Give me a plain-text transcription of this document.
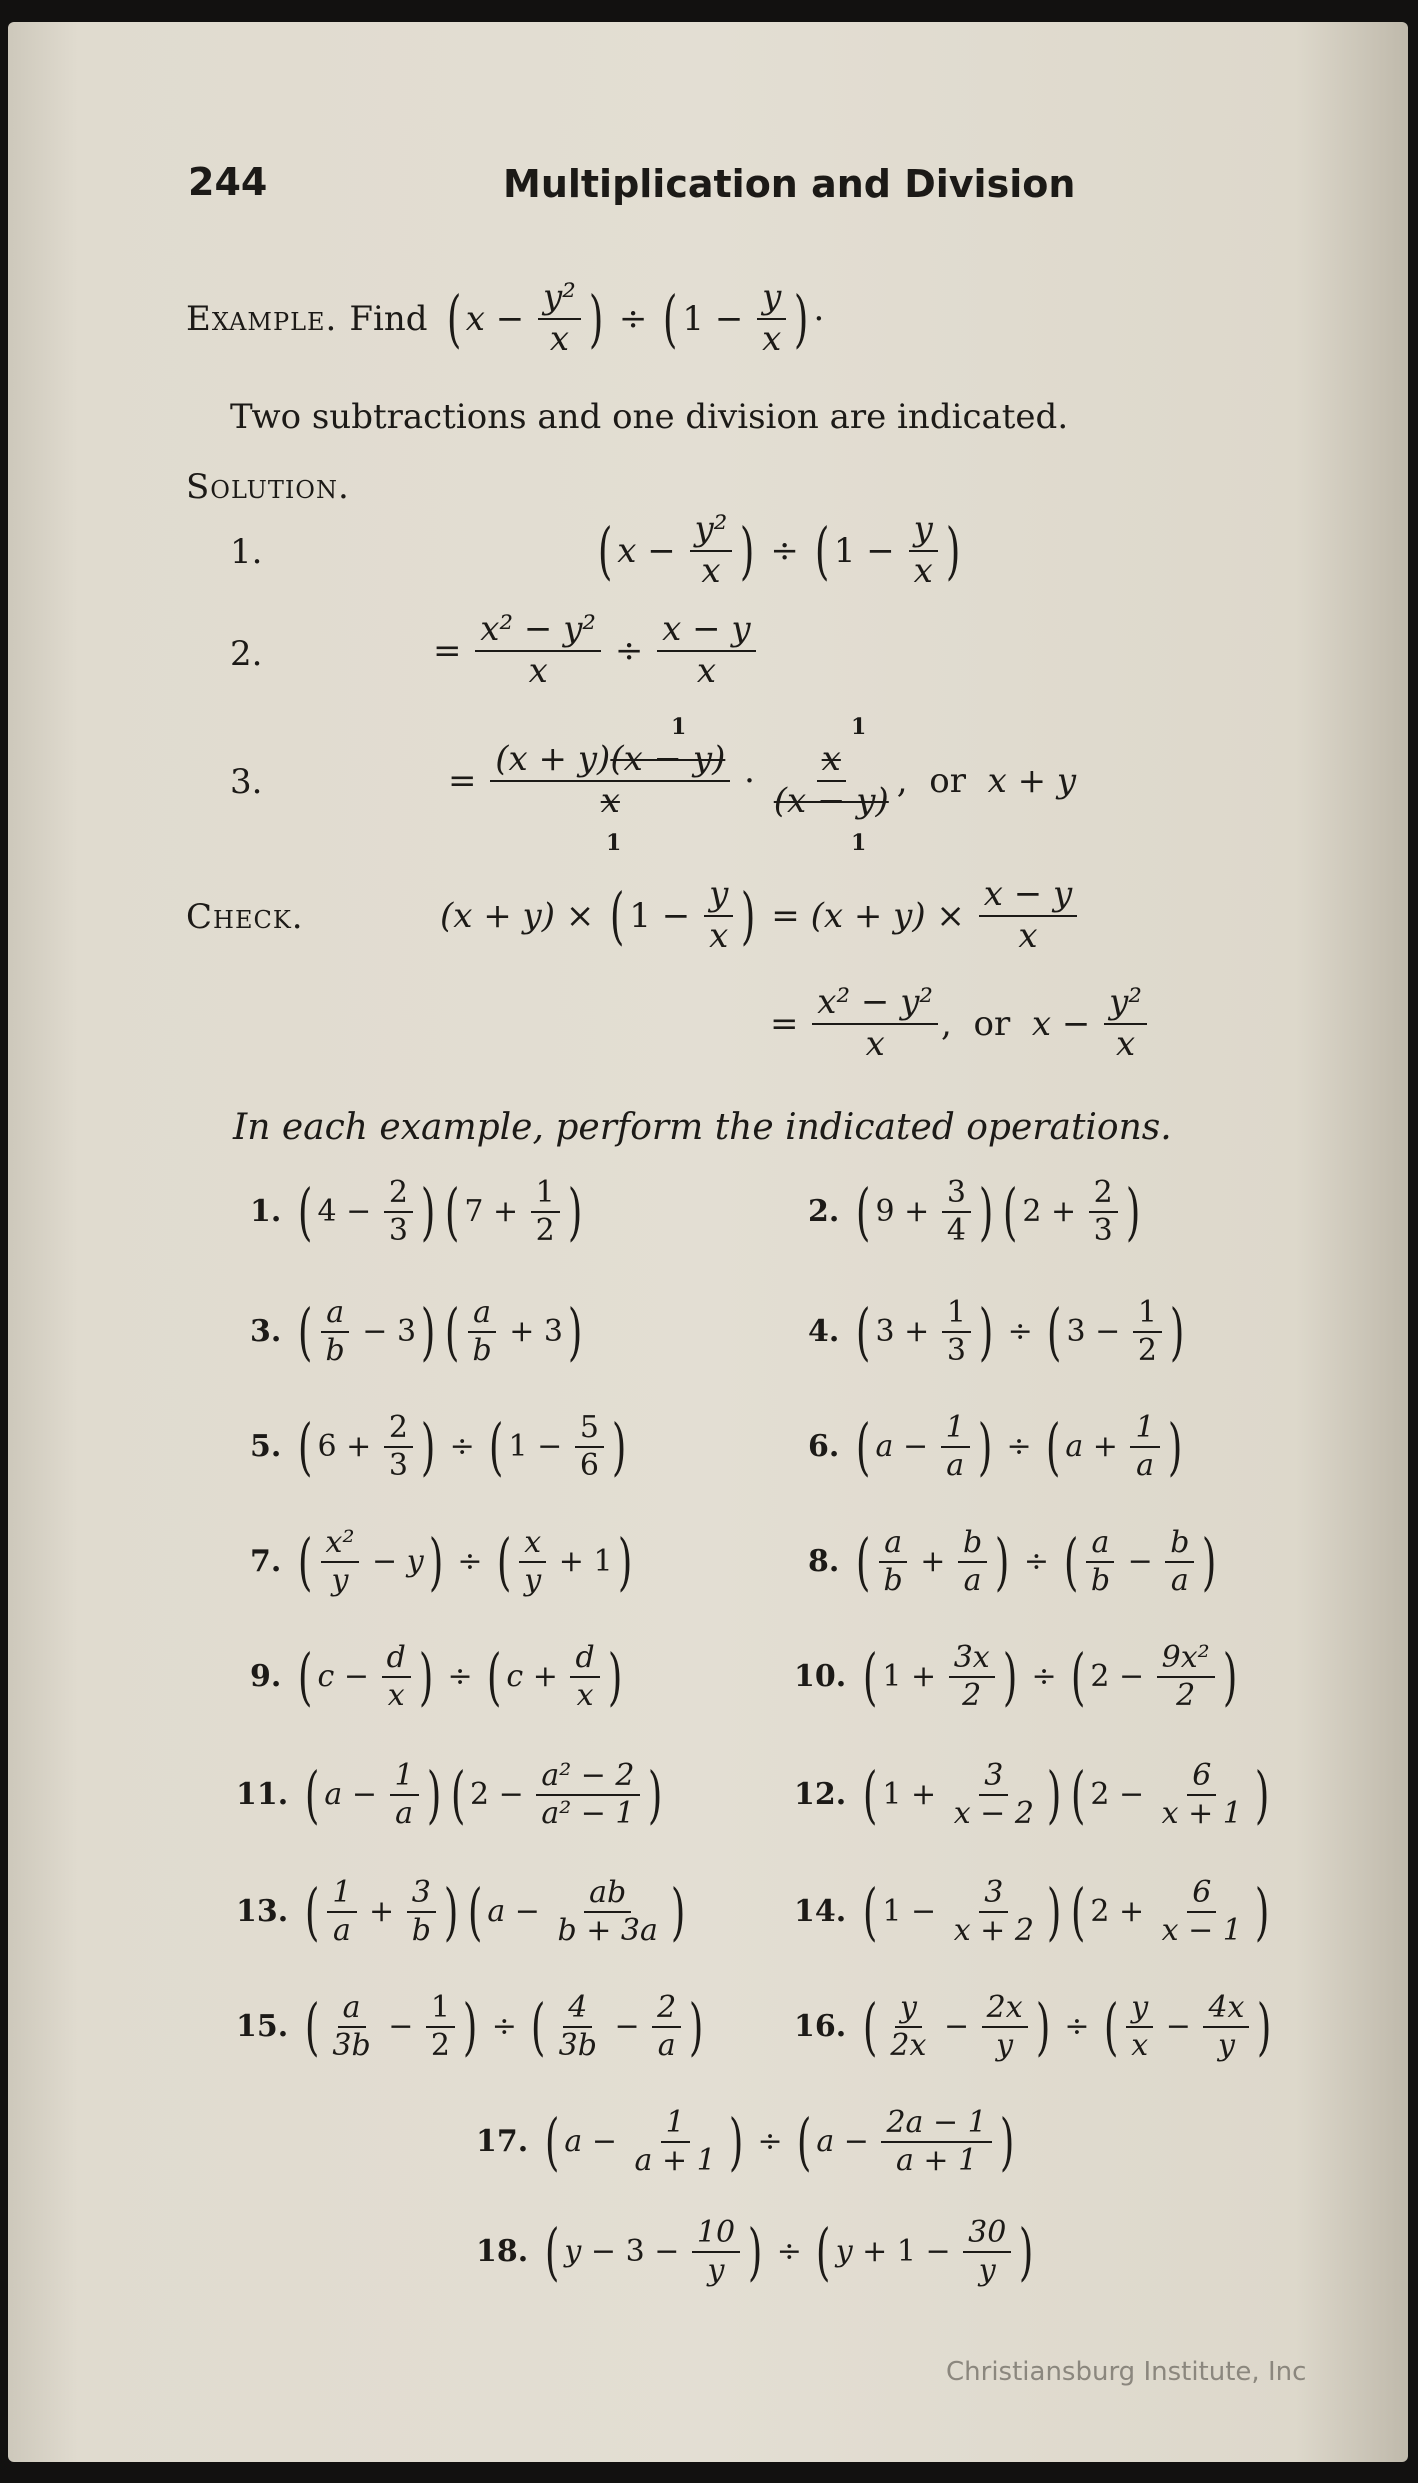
244	Multiplication and Division
Example. Find ( $x - \frac{\text{y²}}{x}$ ) ÷ ( $1 - \frac{y}{x}$ ) ·
Two subtractions and one division are indicated.
Solution.
1.	( $x - \frac{\text{y²}}{x}$ ) ÷ ( $1 - \frac{y}{x}$ )
2.	= $\frac{\text{x² − y²}}{x} \div \frac{x - y}{x}$
3.
1	1
= $\frac{(x + y)(x - y)}{x} \cdot \frac{x}{(x - y)}$ , or
x + y
1	1
Check.	(x + y) × ( $1 - \frac{y}{x}$ ) = $(x + y) \times \frac{x - y}{x}$
= $\frac{\text{x² − y²}}{x}$ , or
$x - \frac{\text{y²}}{x}$
In each example, perform the indicated operations.
1. ( $4 - \frac{2}{3}$ ) ( $7 + \frac{1}{2}$ )	2. ( $9 + \frac{3}{4}$ ) ( $2 + \frac{2}{3}$ )
3. ( $\frac{a}{b} - 3$ ) ( $\frac{a}{b} + 3$ )	4. ( $3 + \frac{1}{3}$ ) ÷ ( $3 - \frac{1}{2}$ )
5. ( $6 + \frac{2}{3}$ ) ÷ ( $1 - \frac{5}{6}$ )	6. ( $a - \frac{1}{a}$ ) ÷ ( $a + \frac{1}{a}$ )
7. ( $\frac{\text{x²}}{y} - y$ ) ÷ ( $\frac{x}{y} + 1$ )	8. ( $\frac{a}{b} + \frac{b}{a}$ ) ÷ ( $\frac{a}{b} - \frac{b}{a}$ )
9. ( $c - \frac{d}{x}$ ) ÷ ( $c + \frac{d}{x}$ )	10. ( $1 + \frac{3x}{2}$ ) ÷ ( $2 - \frac{\text{9x²}}{2}$ )
11. ( $a - \frac{1}{a}$ ) ( $2 - \frac{\text{a² − 2}}{\text{a² − 1}}$ )	12. ( $1 + \frac{3}{x - 2}$ ) ( $2 - \frac{6}{x + 1}$ )
13. ( $\frac{1}{a} + \frac{3}{b}$ ) ( $a - \frac{ab}{b + 3a}$ )	14. ( $1 - \frac{3}{x + 2}$ ) ( $2 + \frac{6}{x - 1}$ )
15. ( $\frac{a}{3b} - \frac{1}{2}$ ) ÷ ( $\frac{4}{3b} - \frac{2}{a}$ )	16. ( $\frac{y}{2x} - \frac{2x}{y}$ ) ÷ ( $\frac{y}{x} - \frac{4x}{y}$ )
17. ( $a - \frac{1}{a + 1}$ ) ÷ ( $a - \frac{2a - 1}{a + 1}$ )
18. ( $y - 3 - \frac{10}{y}$ ) ÷ ( $y + 1 - \frac{30}{y}$ )
Christiansburg Institute, Inc
